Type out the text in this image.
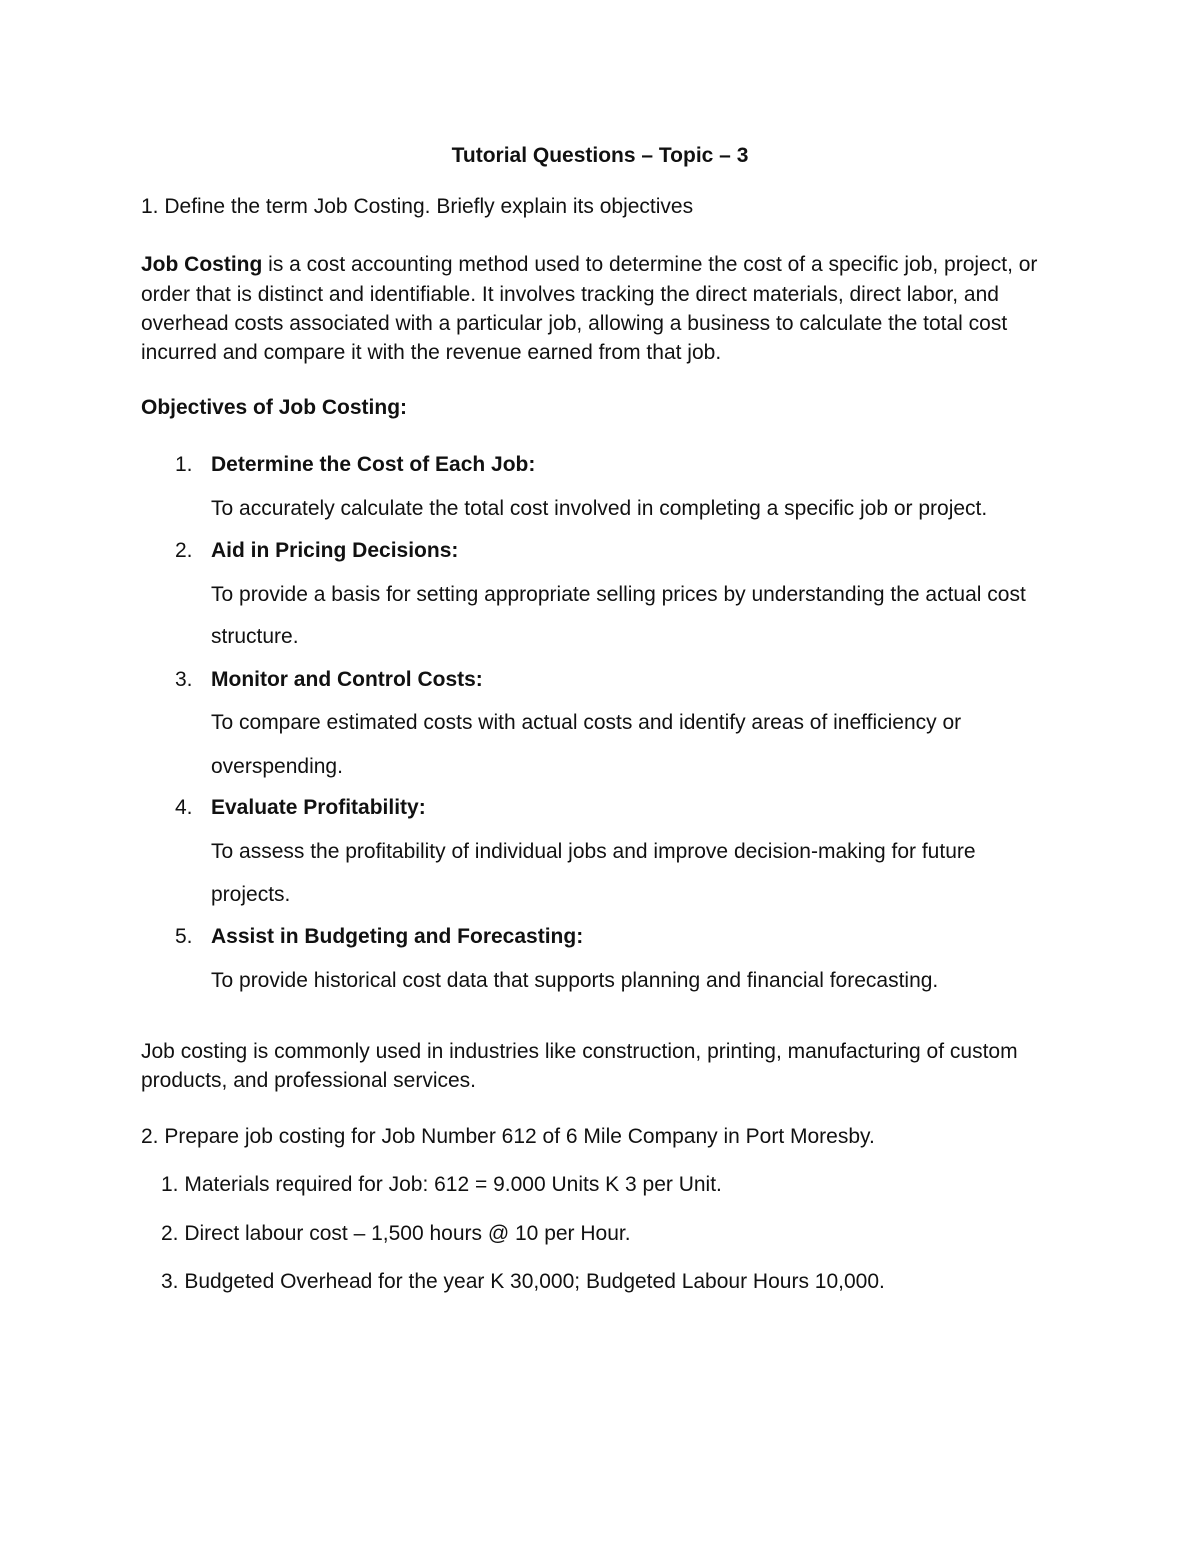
Tutorial Questions – Topic – 3
1. Define the term Job Costing. Briefly explain its objectives
Job Costing is a cost accounting method used to determine the cost of a specific job, project, or
order that is distinct and identifiable. It involves tracking the direct materials, direct labor, and
overhead costs associated with a particular job, allowing a business to calculate the total cost
incurred and compare it with the revenue earned from that job.
Objectives of Job Costing:
1. Determine the Cost of Each Job:
To accurately calculate the total cost involved in completing a specific job or project.
2. Aid in Pricing Decisions:
To provide a basis for setting appropriate selling prices by understanding the actual cost
structure.
3. Monitor and Control Costs:
To compare estimated costs with actual costs and identify areas of inefficiency or
overspending.
4. Evaluate Profitability:
To assess the profitability of individual jobs and improve decision-making for future
projects.
5. Assist in Budgeting and Forecasting:
To provide historical cost data that supports planning and financial forecasting.
Job costing is commonly used in industries like construction, printing, manufacturing of custom
products, and professional services.
2. Prepare job costing for Job Number 612 of 6 Mile Company in Port Moresby.
1. Materials required for Job: 612 = 9.000 Units K 3 per Unit.
2. Direct labour cost – 1,500 hours @ 10 per Hour.
3. Budgeted Overhead for the year K 30,000; Budgeted Labour Hours 10,000.
